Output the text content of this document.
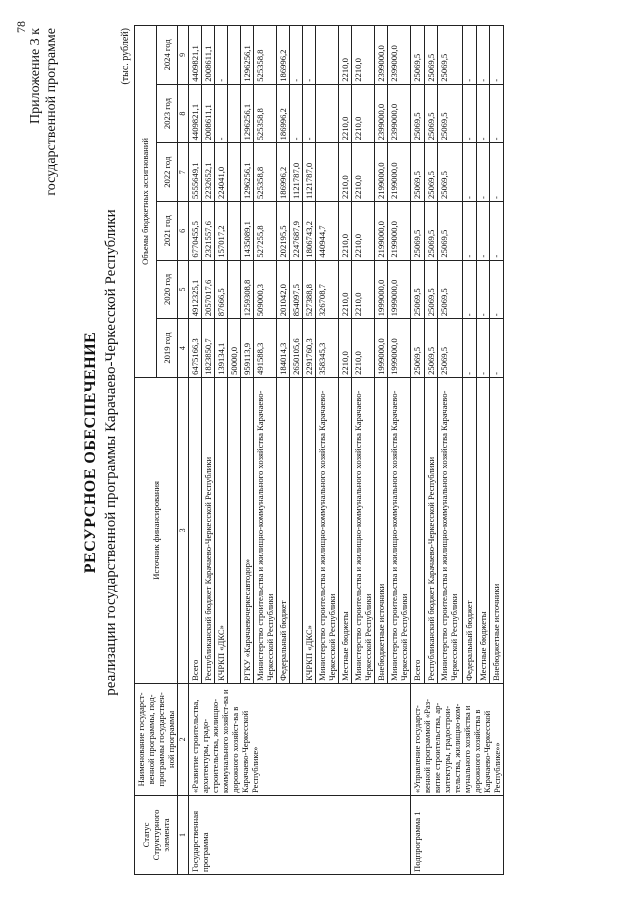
78
Приложение 3 к государственной программе
РЕСУРСНОЕ ОБЕСПЕЧЕНИЕ реализации государственной программы Карачаево-Черкесской Республики
(тыс. рублей)
Статус Структурного элемента	Наименование государст-венной программы, под-программы государствен-ной программы	Источник финансирования	Объемы бюджетных ассигнований					
			2019 год	2020 год	2021 год	2022 год	2023 год	2024 год
1	2	3	4	5	6	7	8	9
Государственная программа	«Развитие строительства, архитектуры, градо-строительства, жилищно-коммунального хозяйст-ва и дорожного хозяйст-ва в Карачаево-Черкесской Республике»	Всего	6475166,3	4912325,1	6770455,5	5555649,1	4409821,1	4409821,1
		Республиканский бюджет Карачаево-Черкесской Республики	1823850,7	2057017,6	2321557,6	2232652,1	2008611,1	2008611,1
		КЧРКП «ДКС»	139134,1	87666,5	157017,2	224041,0	-	-
			50000,0					
		РГКУ «Карачаевочеркесавтодор»	959113,9	1259308,8	1435089,1	1296256,1	1296256,1	1296256,1
		Министерство строительства и жилищно-коммунального хозяйства Карачаево-Черкесской Республики	491588,3	509000,3	527255,8	525358,8	525358,8	525358,8
		Федеральный бюджет	184014,3	201042,0	202195,5	186996,2	186996,2	186996,2
			2650105,6	854097,5	2247687,9	1121787,0	-	-
		КЧРКП «ДКС»	2291760,3	527388,8	1806743,2	1121787,0	-	-
		Министерство строительства и жилищно-коммунального хозяйства Карачаево-Черкесской Республики	358345,3	326708,7	440944,7			
		Местные бюджеты	2210,0	2210,0	2210,0	2210,0	2210,0	2210,0
		Министерство строительства и жилищно-коммунального хозяйства Карачаево-Черкесской Республики	2210,0	2210,0	2210,0	2210,0	2210,0	2210,0
		Внебюджетные источники	1999000,0	1999000,0	2199000,0	2199000,0	2399000,0	2399000,0
		Министерство строительства и жилищно-коммунального хозяйства Карачаево-Черкесской Республики	1999000,0	1999000,0	2199000,0	2199000,0	2399000,0	2399000,0
Подпрограмма 1	«Управление государст-венной программой «Раз-витие строительства, ар-хитектуры, градострои-тельства, жилищно-ком-мунального хозяйства и дорожного хозяйства в Карачаево-Черкесской Республике»»	Всего	25069,5	25069,5	25069,5	25069,5	25069,5	25069,5
		Республиканский бюджет Карачаево-Черкесской Республики	25069,5	25069,5	25069,5	25069,5	25069,5	25069,5
		Министерство строительства и жилищно-коммунального хозяйства Карачаево-Черкесской Республики	25069,5	25069,5	25069,5	25069,5	25069,5	25069,5
		Федеральный бюджет	-	-	-	-	-	-
		Местные бюджеты	-	-	-	-	-	-
		Внебюджетные источники	-	-	-	-	-	-
